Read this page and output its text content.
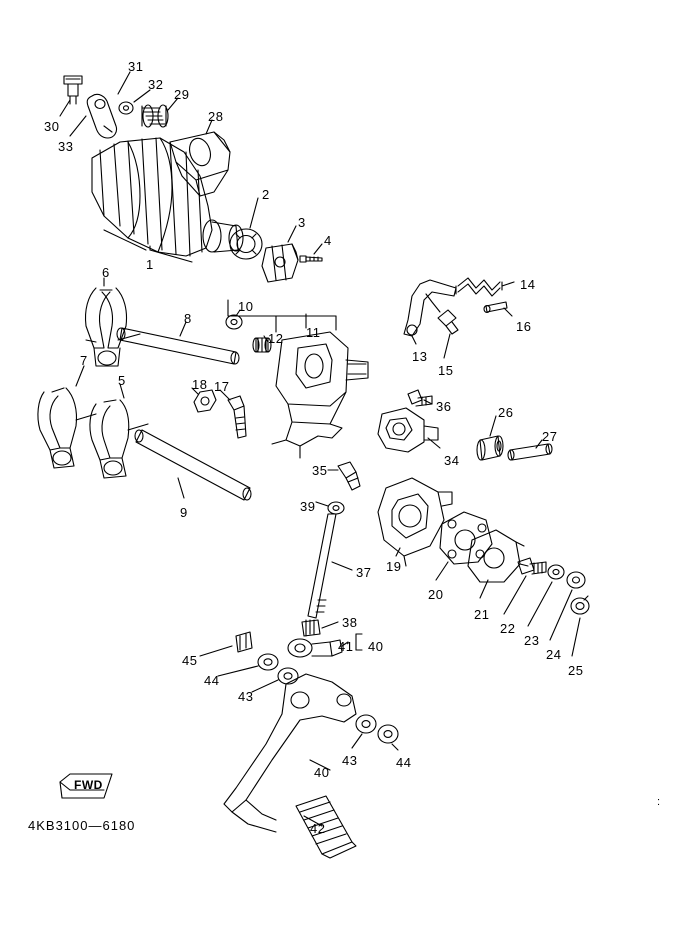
31
32
29
28
30
33
2
3
4
1
14
16
6
10
8
11
12
13
15
7
5	18 17
36	26
27
34
35
9	39
19
20
21
22
23
24
25
37
38
41 40
45
44
43
43	44
40
42
FWD
4KB3100—6180
:
